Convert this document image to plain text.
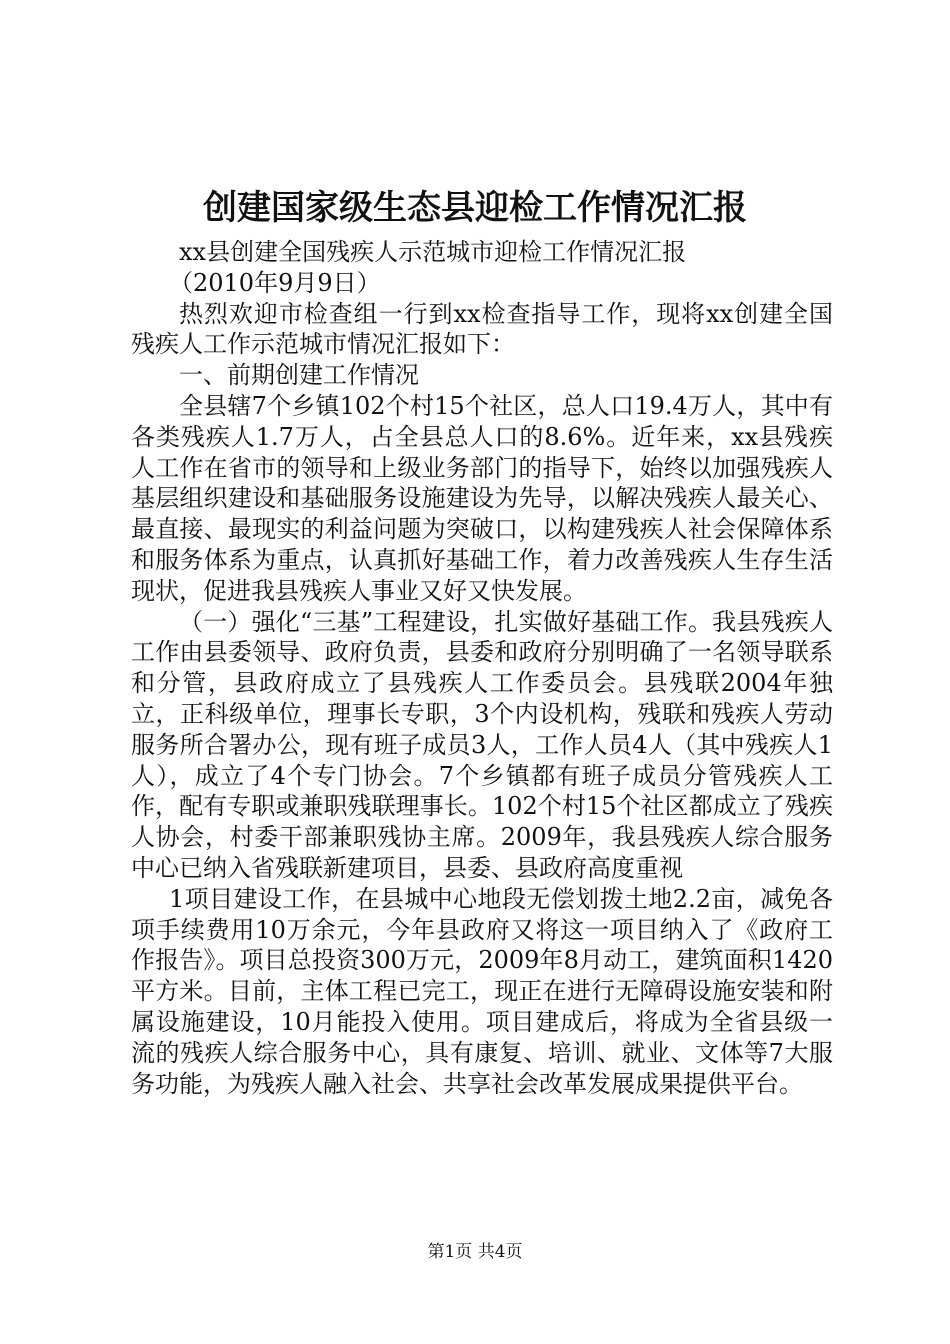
创建国家级生态县迎检工作情况汇报

xx县创建全国残疾人示范城市迎检工作情况汇报

（2010年9月9日）

热烈欢迎市检查组一行到xx检查指导工作，现将xx创建全国残疾人工作示范城市情况汇报如下：

一、前期创建工作情况

全县辖7个乡镇102个村15个社区，总人口19.4万人，其中有各类残疾人1.7万人，占全县总人口的8.6%。近年来，xx县残疾人工作在省市的领导和上级业务部门的指导下，始终以加强残疾人基层组织建设和基础服务设施建设为先导，以解决残疾人最关心、最直接、最现实的利益问题为突破口，以构建残疾人社会保障体系和服务体系为重点，认真抓好基础工作，着力改善残疾人生存生活现状，促进我县残疾人事业又好又快发展。

（一）强化“三基”工程建设，扎实做好基础工作。我县残疾人工作由县委领导、政府负责，县委和政府分别明确了一名领导联系和分管，县政府成立了县残疾人工作委员会。县残联2004年独立，正科级单位，理事长专职，3个内设机构，残联和残疾人劳动服务所合署办公，现有班子成员3人，工作人员4人（其中残疾人1人），成立了4个专门协会。7个乡镇都有班子成员分管残疾人工作，配有专职或兼职残联理事长。102个村15个社区都成立了残疾人协会，村委干部兼职残协主席。2009年，我县残疾人综合服务中心已纳入省残联新建项目，县委、县政府高度重视

1项目建设工作，在县城中心地段无偿划拨土地2.2亩，减免各项手续费用10万余元，今年县政府又将这一项目纳入了《政府工作报告》。项目总投资300万元，2009年8月动工，建筑面积1420平方米。目前，主体工程已完工，现正在进行无障碍设施安装和附属设施建设，10月能投入使用。项目建成后，将成为全省县级一流的残疾人综合服务中心，具有康复、培训、就业、文体等7大服务功能，为残疾人融入社会、共享社会改革发展成果提供平台。

第1页 共4页
